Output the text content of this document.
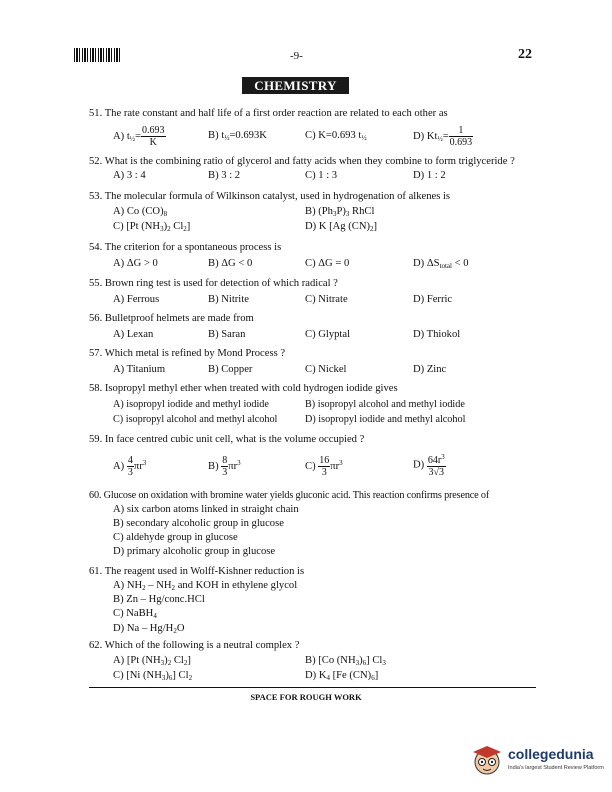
-9-	22
CHEMISTRY
51. The rate constant and half life of a first order reaction are related to each other as
A) $t_{\frac{1}{2}}= \frac{0.693}{K}$	B) $t_{\frac{1}{2}}=0.693K$	C) K=0.693 $t_{\frac{1}{2}}$	D) $Kt_{\frac{1}{2}}= \frac{1}{0.693}$
52. What is the combining ratio of glycerol and fatty acids when they combine to form triglyceride ?
A) 3 : 4	B) 3 : 2	C) 1 : 3	D) 1 : 2
53. The molecular formula of Wilkinson catalyst, used in hydrogenation of alkenes is
A) Co $(CO)_8$	B) $(Ph_3P)_3$ RhCl
C) [Pt $(NH_3)_2$ $Cl_2$]	D) K [Ag $(CN)_2$]
54. The criterion for a spontaneous process is
A) ΔG > 0	B) ΔG < 0	C) ΔG = 0	D) $\Delta S_{total} < 0$
55. Brown ring test is used for detection of which radical ?
A) Ferrous	B) Nitrite	C) Nitrate	D) Ferric
56. Bulletproof helmets are made from
A) Lexan	B) Saran	C) Glyptal	D) Thiokol
57. Which metal is refined by Mond Process ?
A) Titanium	B) Copper	C) Nickel	D) Zinc
58. Isopropyl methyl ether when treated with cold hydrogen iodide gives
A) isopropyl iodide and methyl iodide	B) isopropyl alcohol and methyl iodide
C) isopropyl alcohol and methyl alcohol	D) isopropyl iodide and methyl alcohol
59. In face centred cubic unit cell, what is the volume occupied ?
$A) \frac{4}{3} \pi r^3$	$B) \frac{8}{3} \pi r^3$	$C) \frac{16}{3} \pi r^3$	$D) \frac{64r^3}{3√3}$
60. Glucose on oxidation with bromine water yields gluconic acid. This reaction confirms presence of
A) six carbon atoms linked in straight chain
B) secondary alcoholic group in glucose
C) aldehyde group in glucose
D) primary alcoholic group in glucose
61. The reagent used in Wolff-Kishner reduction is
A) $NH_2 - NH_2$ and KOH in ethylene glycol
B) Zn – Hg/conc.HCl
C) NaBH$_4$
D) Na – $Hg/H_2O$
62. Which of the following is a neutral complex ?
A) [Pt $(NH_3)_2$ $Cl_2$]	B) [Co $(NH_3)_6$] $Cl_3$
C) [Ni $(NH_3)_6$] $Cl_2$	D) $K_4$ [Fe $(CN)_6$]
SPACE FOR ROUGH WORK
collegedunia
India's largest Student Review Platform
